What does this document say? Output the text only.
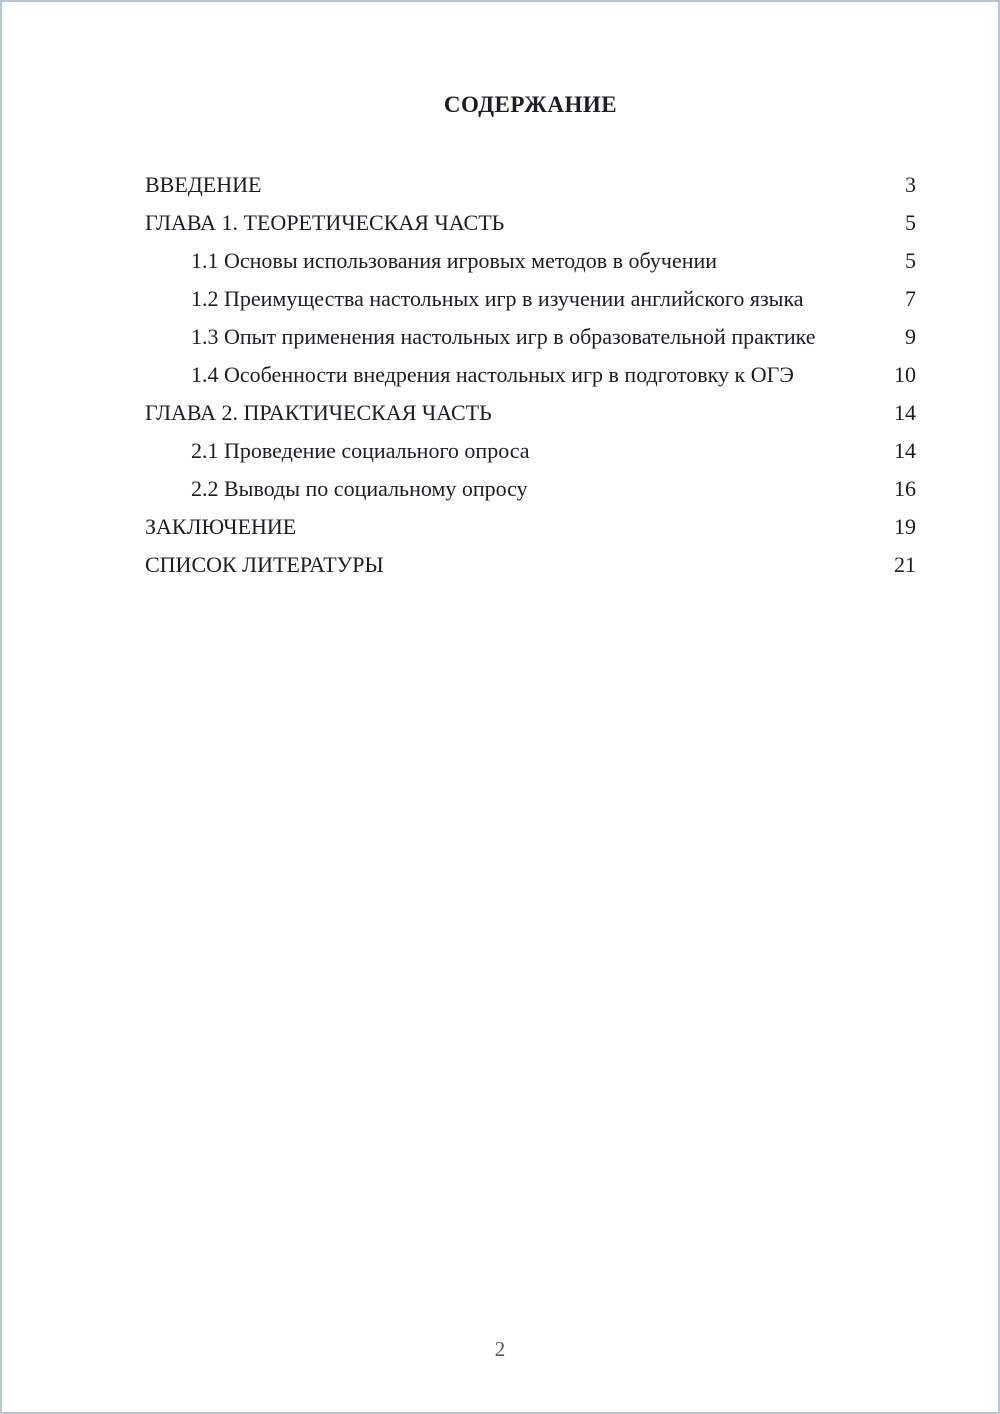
СОДЕРЖАНИЕ
ВВЕДЕНИЕ	3
ГЛАВА 1. ТЕОРЕТИЧЕСКАЯ ЧАСТЬ	5
1.1 Основы использования игровых методов в обучении	5
1.2 Преимущества настольных игр в изучении английского языка	7
1.3 Опыт применения настольных игр в образовательной практике	9
1.4 Особенности внедрения настольных игр в подготовку к ОГЭ	10
ГЛАВА 2. ПРАКТИЧЕСКАЯ ЧАСТЬ	14
2.1 Проведение социального опроса	14
2.2 Выводы по социальному опросу	16
ЗАКЛЮЧЕНИЕ	19
СПИСОК ЛИТЕРАТУРЫ	21
2
